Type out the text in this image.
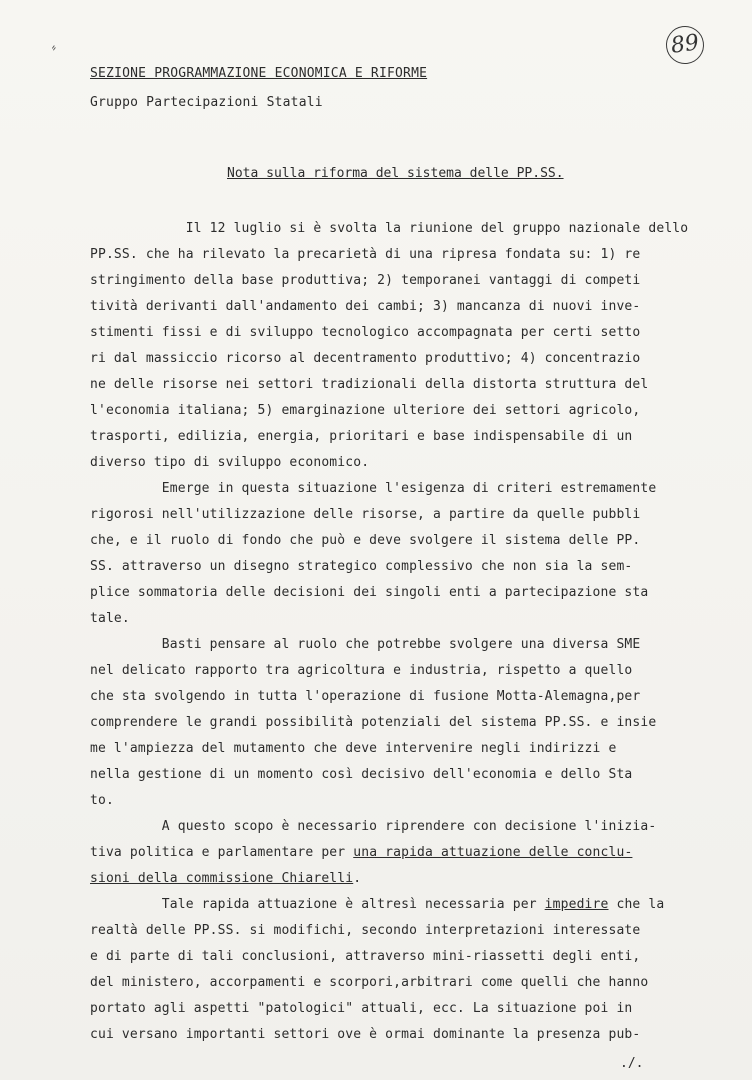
⸗	89
SEZIONE PROGRAMMAZIONE ECONOMICA E RIFORME
Gruppo Partecipazioni Statali
Nota sulla riforma del sistema delle PP.SS.
Il 12 luglio si è svolta la riunione del gruppo nazionale dello
PP.SS. che ha rilevato la precarietà di una ripresa fondata su: 1) re
stringimento della base produttiva; 2) temporanei vantaggi di competi
tività derivanti dall'andamento dei cambi; 3) mancanza di nuovi inve-
stimenti fissi e di sviluppo tecnologico accompagnata per certi setto
ri dal massiccio ricorso al decentramento produttivo; 4) concentrazio
ne delle risorse nei settori tradizionali della distorta struttura del
l'economia italiana; 5) emarginazione ulteriore dei settori agricolo,
trasporti, edilizia, energia, prioritari e base indispensabile di un
diverso tipo di sviluppo economico.
Emerge in questa situazione l'esigenza di criteri estremamente
rigorosi nell'utilizzazione delle risorse, a partire da quelle pubbli
che, e il ruolo di fondo che può e deve svolgere il sistema delle PP.
SS. attraverso un disegno strategico complessivo che non sia la sem-
plice sommatoria delle decisioni dei singoli enti a partecipazione sta
tale.
Basti pensare al ruolo che potrebbe svolgere una diversa SME
nel delicato rapporto tra agricoltura e industria, rispetto a quello
che sta svolgendo in tutta l'operazione di fusione Motta-Alemagna,per
comprendere le grandi possibilità potenziali del sistema PP.SS. e insie
me l'ampiezza del mutamento che deve intervenire negli indirizzi e
nella gestione di un momento così decisivo dell'economia e dello Sta
to.
A questo scopo è necessario riprendere con decisione l'inizia-
tiva politica e parlamentare per una rapida attuazione delle conclu-
sioni della commissione Chiarelli.
Tale rapida attuazione è altresì necessaria per impedire che la
realtà delle PP.SS. si modifichi, secondo interpretazioni interessate
e di parte di tali conclusioni, attraverso mini-riassetti degli enti,
del ministero, accorpamenti e scorpori,arbitrari come quelli che hanno
portato agli aspetti "patologici" attuali, ecc. La situazione poi in
cui versano importanti settori ove è ormai dominante la presenza pub-
./.
